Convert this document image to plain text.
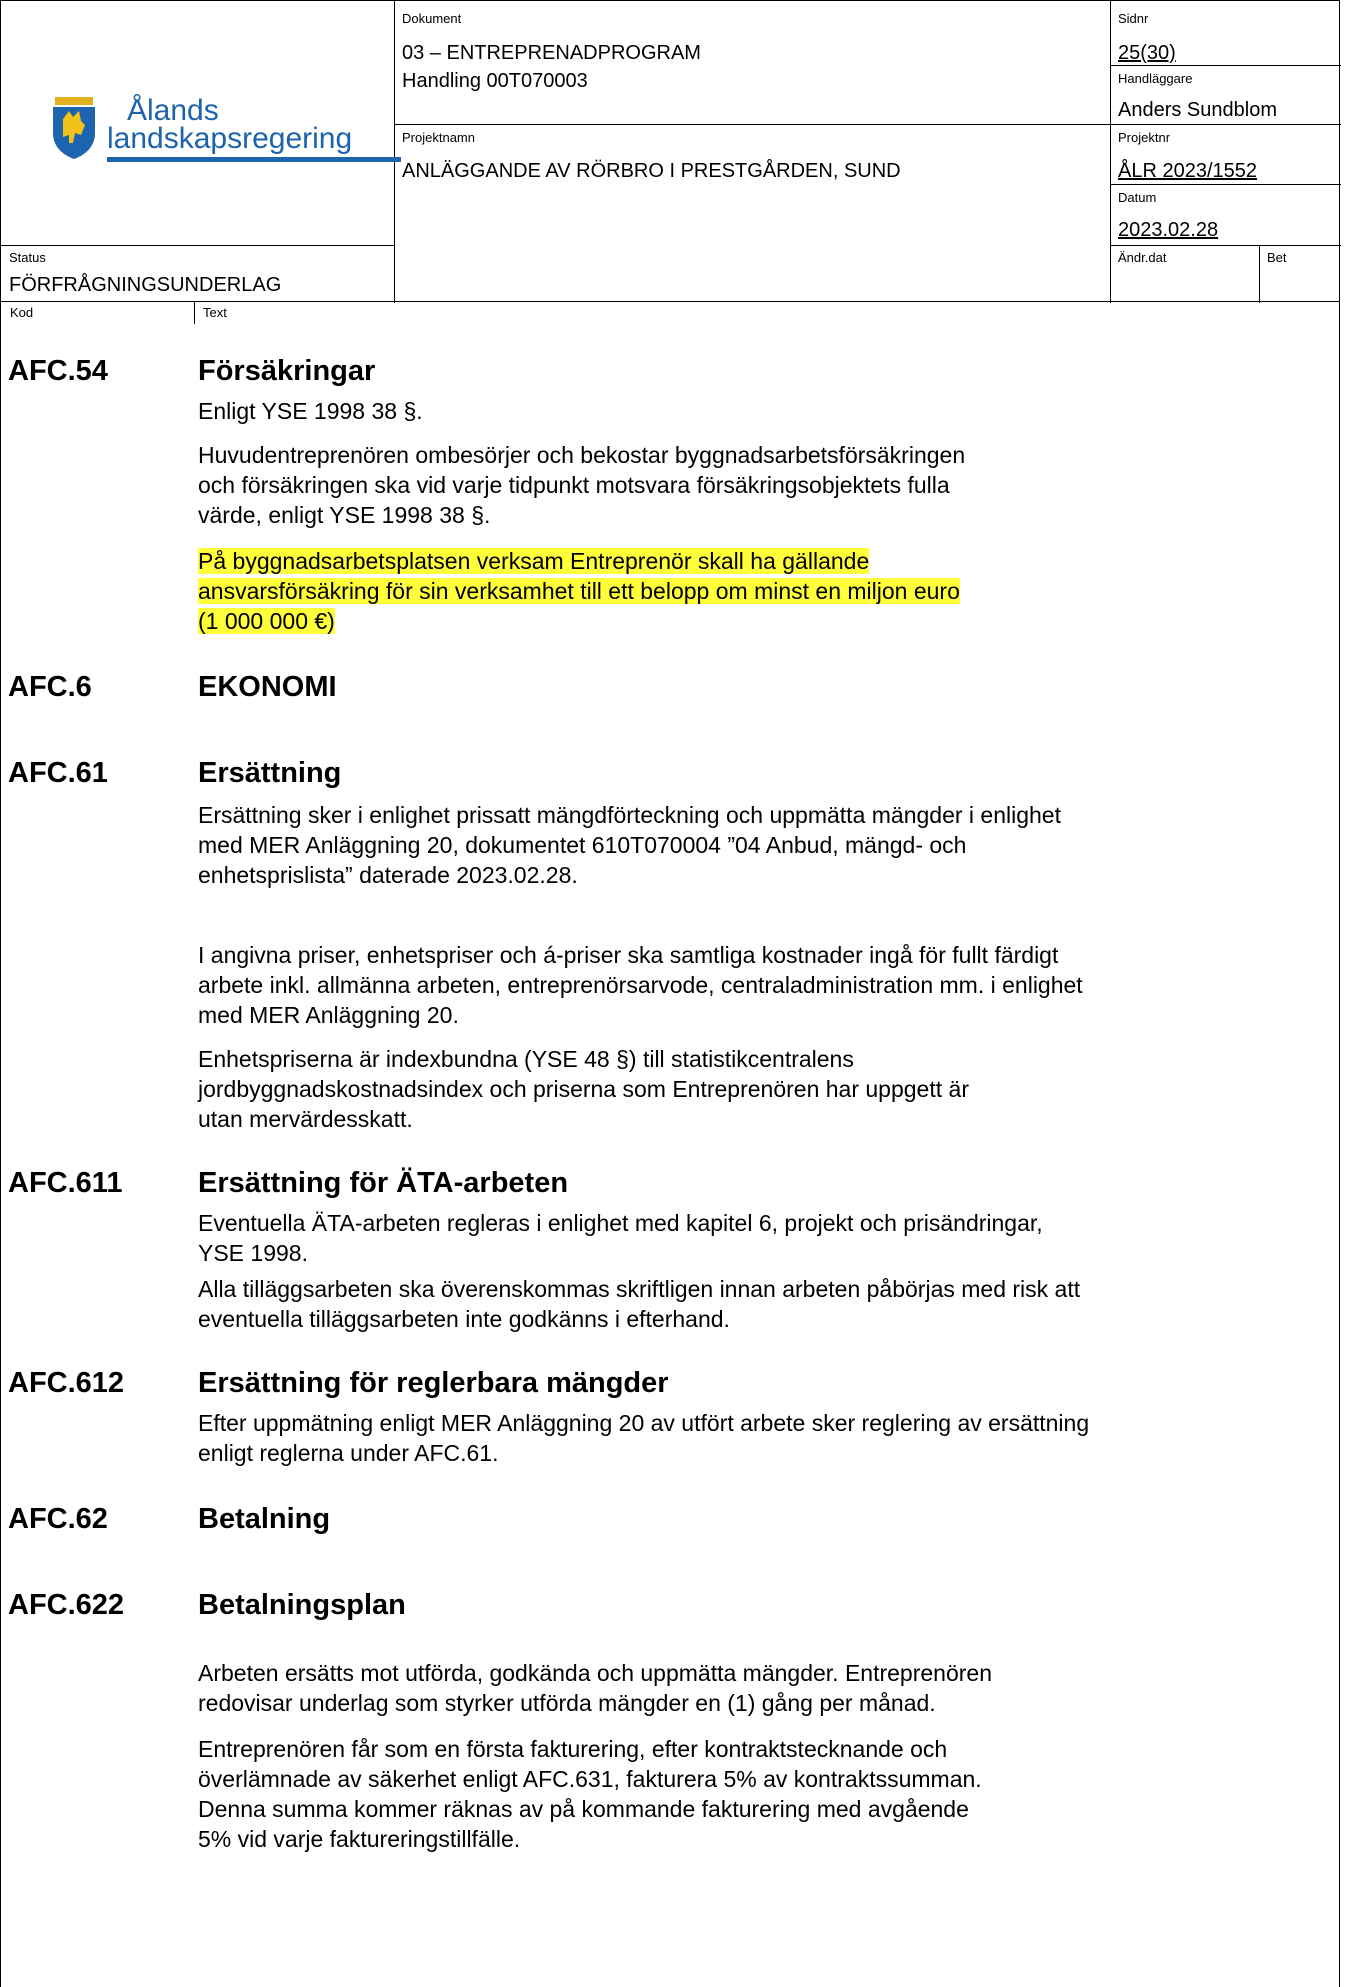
Ålands
landskapsregering
Dokument
03 – ENTREPRENADPROGRAM
Handling 00T070003
Sidnr
25(30)
Handläggare
Anders Sundblom
Projektnamn
ANLÄGGANDE AV RÖRBRO I PRESTGÅRDEN, SUND
Projektnr
ÅLR 2023/1552
Datum
2023.02.28
Status
FÖRFRÅGNINGSUNDERLAG
Ändr.dat	Bet
Kod	Text
AFC.54	Försäkringar
Enligt YSE 1998 38 §.
Huvudentreprenören ombesörjer och bekostar byggnadsarbetsförsäkringen
och försäkringen ska vid varje tidpunkt motsvara försäkringsobjektets fulla
värde, enligt YSE 1998 38 §.
På byggnadsarbetsplatsen verksam Entreprenör skall ha gällande
ansvarsförsäkring för sin verksamhet till ett belopp om minst en miljon euro
(1 000 000 €)
AFC.6	EKONOMI
AFC.61	Ersättning
Ersättning sker i enlighet prissatt mängdförteckning och uppmätta mängder i enlighet
med MER Anläggning 20, dokumentet 610T070004 ”04 Anbud, mängd- och
enhetsprislista” daterade 2023.02.28.
I angivna priser, enhetspriser och á-priser ska samtliga kostnader ingå för fullt färdigt
arbete inkl. allmänna arbeten, entreprenörsarvode, centraladministration mm. i enlighet
med MER Anläggning 20.
Enhetspriserna är indexbundna (YSE 48 §) till statistikcentralens
jordbyggnadskostnadsindex och priserna som Entreprenören har uppgett är
utan mervärdesskatt.
AFC.611	Ersättning för ÄTA-arbeten
Eventuella ÄTA-arbeten regleras i enlighet med kapitel 6, projekt och prisändringar,
YSE 1998.
Alla tilläggsarbeten ska överenskommas skriftligen innan arbeten påbörjas med risk att
eventuella tilläggsarbeten inte godkänns i efterhand.
AFC.612	Ersättning för reglerbara mängder
Efter uppmätning enligt MER Anläggning 20 av utfört arbete sker reglering av ersättning
enligt reglerna under AFC.61.
AFC.62	Betalning
AFC.622	Betalningsplan
Arbeten ersätts mot utförda, godkända och uppmätta mängder. Entreprenören
redovisar underlag som styrker utförda mängder en (1) gång per månad.
Entreprenören får som en första fakturering, efter kontraktstecknande och
överlämnade av säkerhet enligt AFC.631, fakturera 5% av kontraktssumman.
Denna summa kommer räknas av på kommande fakturering med avgående
5% vid varje faktureringstillfälle.
